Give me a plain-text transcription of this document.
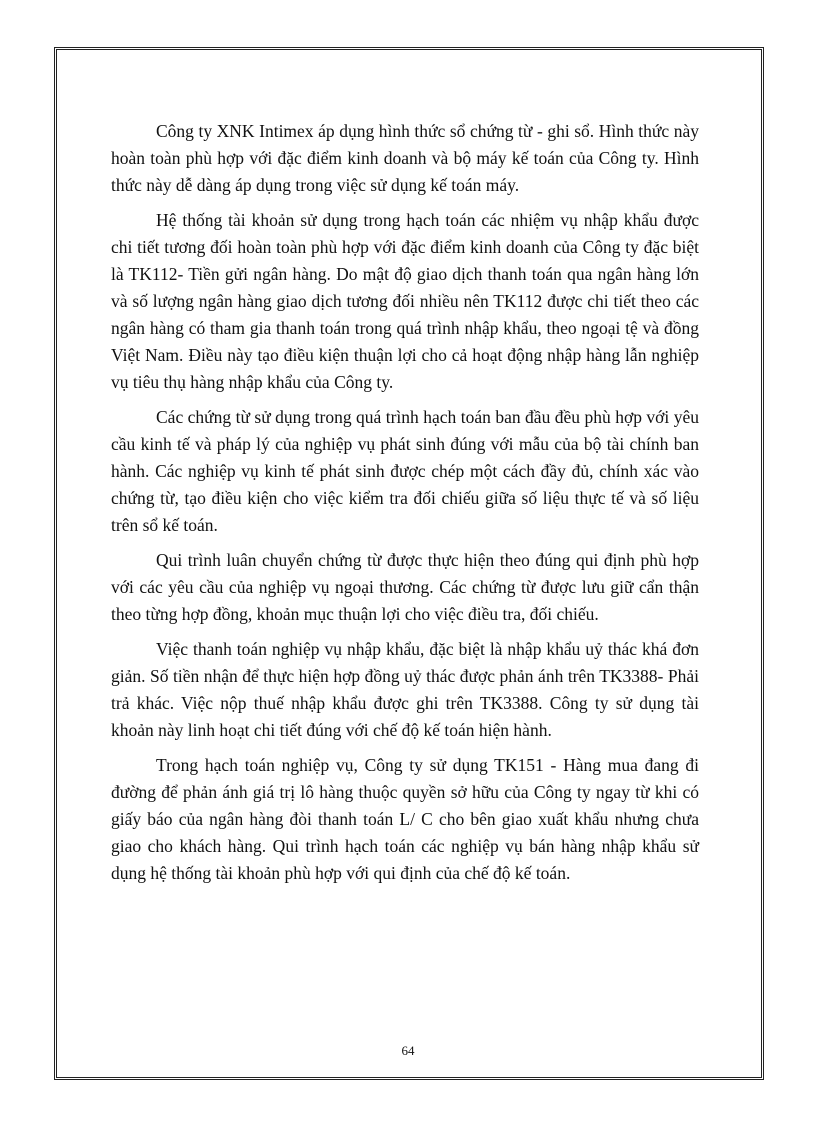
Công ty XNK Intimex áp dụng hình thức sổ chứng từ - ghi sổ. Hình thức này hoàn toàn phù hợp với đặc điểm kinh doanh và bộ máy kế toán của Công ty. Hình thức này dễ dàng áp dụng trong việc sử dụng kế toán máy.

Hệ thống tài khoản sử dụng trong hạch toán các nhiệm vụ nhập khẩu được chi tiết tương đối hoàn toàn phù hợp với đặc điểm kinh doanh của Công ty đặc biệt là TK112- Tiền gửi ngân hàng. Do mật độ giao dịch thanh toán qua ngân hàng lớn và số lượng ngân hàng giao dịch tương đối nhiều nên TK112 được chi tiết theo các ngân hàng có tham gia thanh toán trong quá trình nhập khẩu, theo ngoại tệ và đồng Việt Nam. Điều này tạo điều kiện thuận lợi cho cả hoạt động nhập hàng lẫn nghiệp vụ tiêu thụ hàng nhập khẩu của Công ty.

Các chứng từ sử dụng trong quá trình hạch toán ban đầu đều phù hợp với yêu cầu kinh tế và pháp lý của nghiệp vụ phát sinh đúng với mẫu của bộ tài chính ban hành. Các nghiệp vụ kinh tế phát sinh được chép một cách đầy đủ, chính xác vào chứng từ, tạo điều kiện cho việc kiểm tra đối chiếu giữa số liệu thực tế và số liệu trên sổ kế toán.

Qui trình luân chuyển chứng từ được thực hiện theo đúng qui định phù hợp với các yêu cầu của nghiệp vụ ngoại thương. Các chứng từ được lưu giữ cẩn thận theo từng hợp đồng, khoản mục thuận lợi cho việc điều tra, đối chiếu.

Việc thanh toán nghiệp vụ nhập khẩu, đặc biệt là nhập khẩu uỷ thác khá đơn giản. Số tiền nhận để thực hiện hợp đồng uỷ thác được phản ánh trên TK3388- Phải trả khác. Việc nộp thuế nhập khẩu được ghi trên TK3388. Công ty sử dụng tài khoản này linh hoạt chi tiết đúng với chế độ kế toán hiện hành.

Trong hạch toán nghiệp vụ, Công ty sử dụng TK151 - Hàng mua đang đi đường để phản ánh giá trị lô hàng thuộc quyền sở hữu của Công ty ngay từ khi có giấy báo của ngân hàng đòi thanh toán L/ C cho bên giao xuất khẩu nhưng chưa giao cho khách hàng. Qui trình hạch toán các nghiệp vụ bán hàng nhập khẩu sử dụng hệ thống tài khoản phù hợp với qui định của chế độ kế toán.

64
